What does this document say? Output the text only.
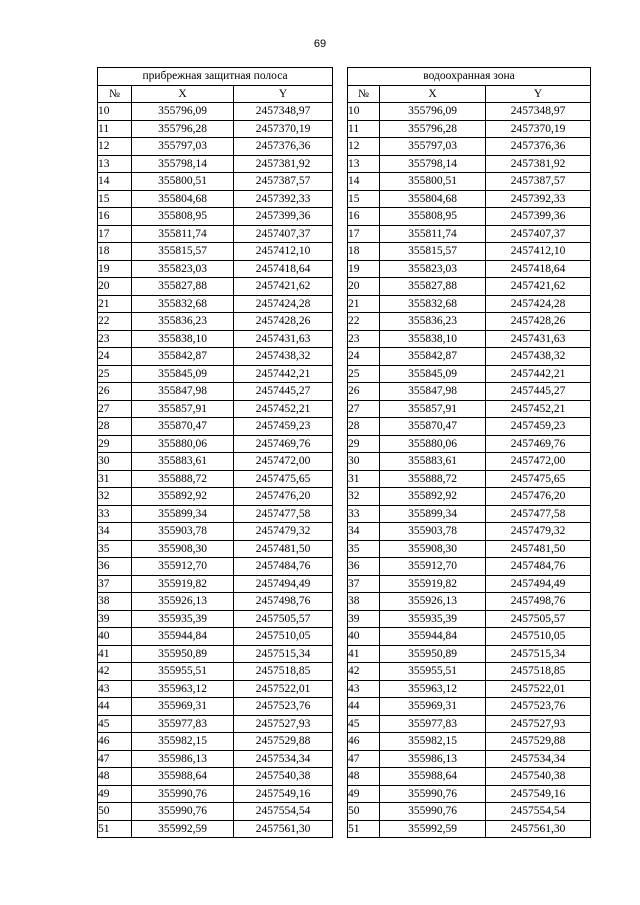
69
прибрежная защитная полоса				водоохранная зона		
№	X	Y		№	X	Y
10	355796,09	2457348,97		10	355796,09	2457348,97
11	355796,28	2457370,19		11	355796,28	2457370,19
12	355797,03	2457376,36		12	355797,03	2457376,36
13	355798,14	2457381,92		13	355798,14	2457381,92
14	355800,51	2457387,57		14	355800,51	2457387,57
15	355804,68	2457392,33		15	355804,68	2457392,33
16	355808,95	2457399,36		16	355808,95	2457399,36
17	355811,74	2457407,37		17	355811,74	2457407,37
18	355815,57	2457412,10		18	355815,57	2457412,10
19	355823,03	2457418,64		19	355823,03	2457418,64
20	355827,88	2457421,62		20	355827,88	2457421,62
21	355832,68	2457424,28		21	355832,68	2457424,28
22	355836,23	2457428,26		22	355836,23	2457428,26
23	355838,10	2457431,63		23	355838,10	2457431,63
24	355842,87	2457438,32		24	355842,87	2457438,32
25	355845,09	2457442,21		25	355845,09	2457442,21
26	355847,98	2457445,27		26	355847,98	2457445,27
27	355857,91	2457452,21		27	355857,91	2457452,21
28	355870,47	2457459,23		28	355870,47	2457459,23
29	355880,06	2457469,76		29	355880,06	2457469,76
30	355883,61	2457472,00		30	355883,61	2457472,00
31	355888,72	2457475,65		31	355888,72	2457475,65
32	355892,92	2457476,20		32	355892,92	2457476,20
33	355899,34	2457477,58		33	355899,34	2457477,58
34	355903,78	2457479,32		34	355903,78	2457479,32
35	355908,30	2457481,50		35	355908,30	2457481,50
36	355912,70	2457484,76		36	355912,70	2457484,76
37	355919,82	2457494,49		37	355919,82	2457494,49
38	355926,13	2457498,76		38	355926,13	2457498,76
39	355935,39	2457505,57		39	355935,39	2457505,57
40	355944,84	2457510,05		40	355944,84	2457510,05
41	355950,89	2457515,34		41	355950,89	2457515,34
42	355955,51	2457518,85		42	355955,51	2457518,85
43	355963,12	2457522,01		43	355963,12	2457522,01
44	355969,31	2457523,76		44	355969,31	2457523,76
45	355977,83	2457527,93		45	355977,83	2457527,93
46	355982,15	2457529,88		46	355982,15	2457529,88
47	355986,13	2457534,34		47	355986,13	2457534,34
48	355988,64	2457540,38		48	355988,64	2457540,38
49	355990,76	2457549,16		49	355990,76	2457549,16
50	355990,76	2457554,54		50	355990,76	2457554,54
51	355992,59	2457561,30		51	355992,59	2457561,30
